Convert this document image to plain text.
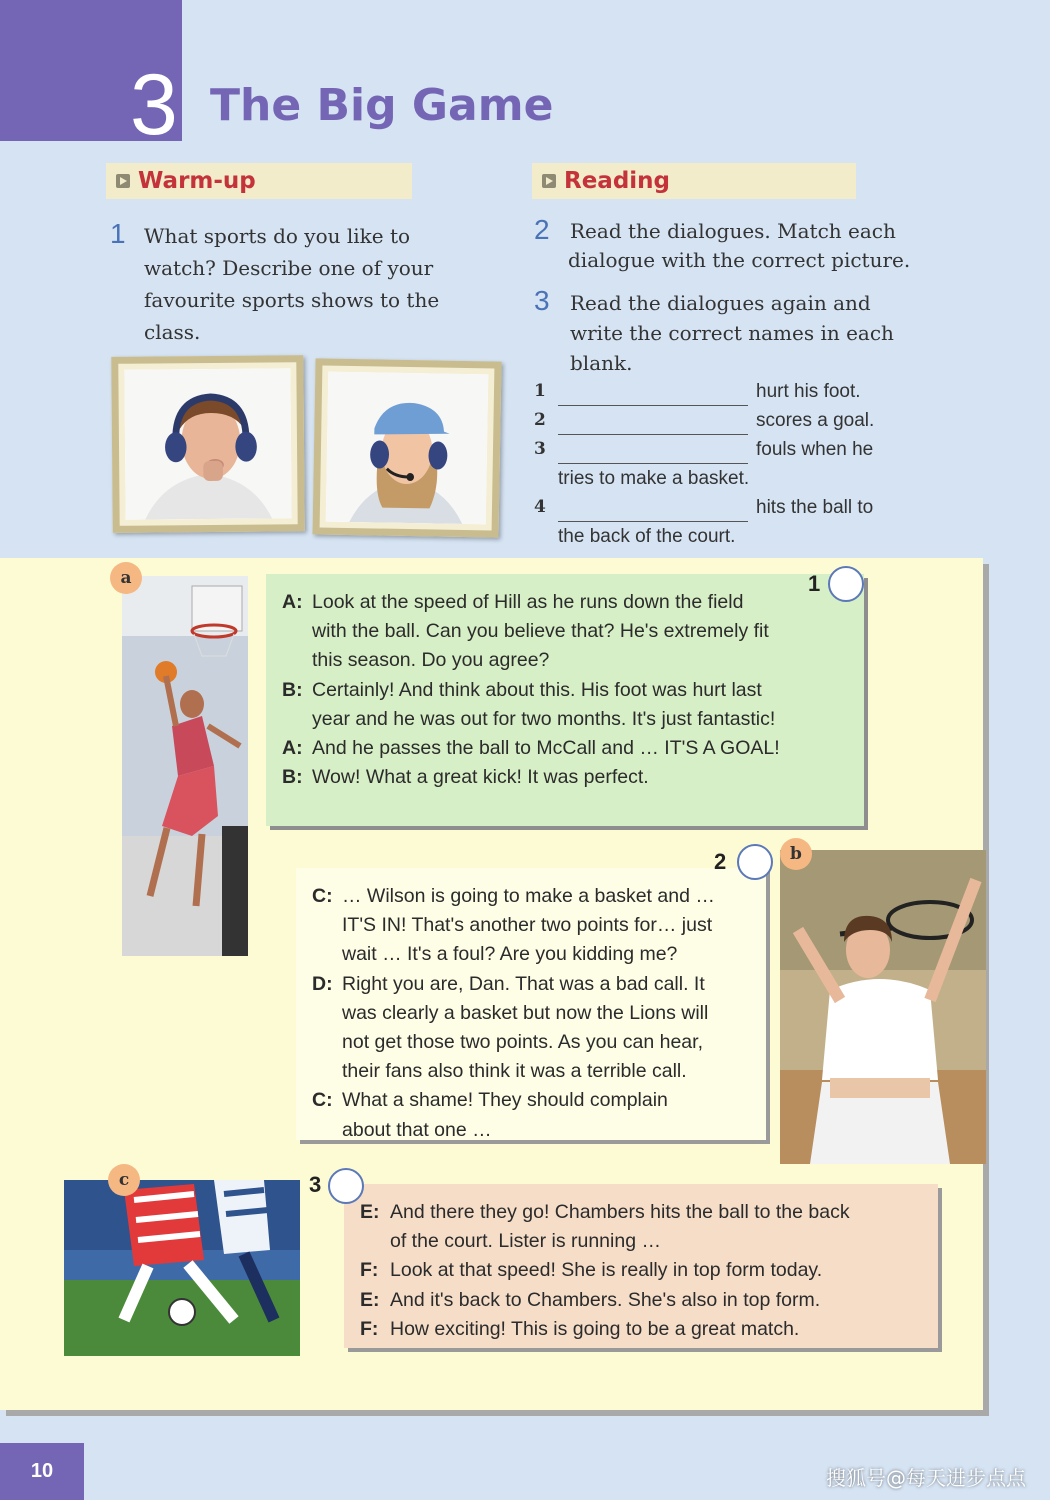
3 The Big Game
Warm-up
1 What sports do you like to
watch? Describe one of your
favourite sports shows to the
class.
Reading
2 Read the dialogues. Match each
dialogue with the correct picture.
3 Read the dialogues again and
write the correct names in each
blank.
1	hurt his foot.
2	scores a goal.
3	fouls when he
tries to make a basket.
4	hits the ball to
the back of the court.
a
A: Look at the speed of Hill as he runs down the field
with the ball. Can you believe that? He's extremely fit
this season. Do you agree?
B: Certainly! And think about this. His foot was hurt last
year and he was out for two months. It's just fantastic!
A: And he passes the ball to McCall and … IT'S A GOAL!
B: Wow! What a great kick! It was perfect.
1
C: … Wilson is going to make a basket and …
IT'S IN! That's another two points for… just
wait … It's a foul? Are you kidding me?
D: Right you are, Dan. That was a bad call. It
was clearly a basket but now the Lions will
not get those two points. As you can hear,
their fans also think it was a terrible call.
C: What a shame! They should complain
about that one …
2	b
c
E: And there they go! Chambers hits the ball to the back
of the court. Lister is running …
F: Look at that speed! She is really in top form today.
E: And it's back to Chambers. She's also in top form.
F: How exciting! This is going to be a great match.
3
10	搜狐号@每天进步点点
